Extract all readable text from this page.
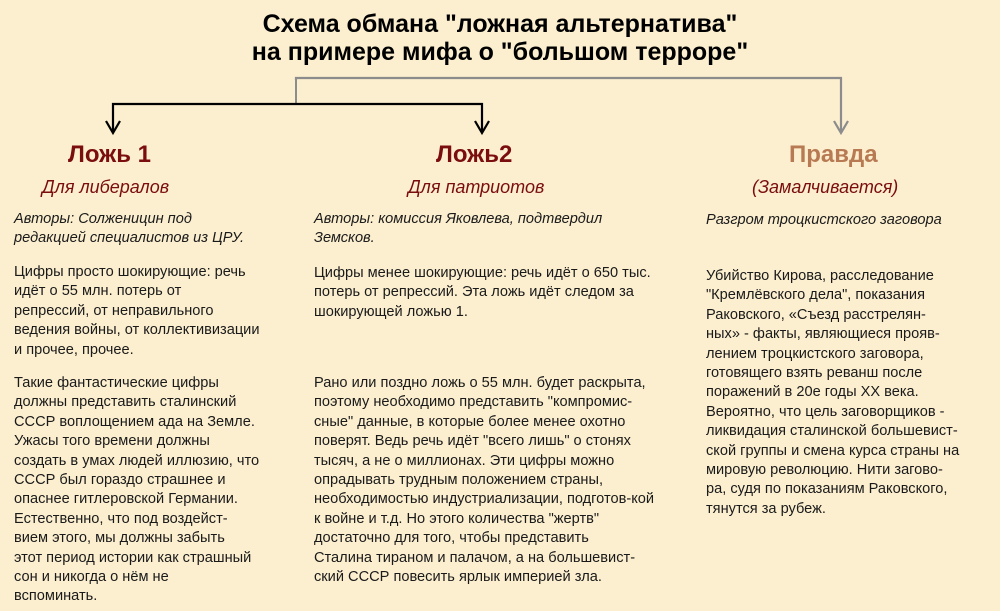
Схема обмана "ложная альтернатива"
на примере мифа о "большом терроре"
Ложь 1
Для либералов
Авторы: Солженицин под
редакцией специалистов из ЦРУ.
Цифры просто шокирующие: речь
идёт о 55 млн. потерь от
репрессий, от неправильного
ведения войны, от коллективизации
и прочее, прочее.
Такие фантастические цифры
должны представить сталинский
СССР воплощением ада на Земле.
Ужасы того времени должны
создать в умах людей иллюзию, что
СССР был гораздо страшнее и
опаснее гитлеровской Германии.
Естественно, что под воздейст-
вием этого, мы должны забыть
этот период истории как страшный
сон и никогда о нём не
вспоминать.
Ложь2
Для патриотов
Авторы: комиссия Яковлева, подтвердил
Земсков.
Цифры менее шокирующие: речь идёт о 650 тыс.
потерь от репрессий. Эта ложь идёт следом за
шокирующей ложью 1.
Рано или поздно ложь о 55 млн. будет раскрыта,
поэтому необходимо представить "компромис-
сные" данные, в которые более менее охотно
поверят. Ведь речь идёт "всего лишь" о стонях
тысяч, а не о миллионах. Эти цифры можно
опрадывать трудным положением страны,
необходимостью индустриализации, подготов-кой
к войне и т.д. Но этого количества "жертв"
достаточно для того, чтобы представить
Сталина тираном и палачом, а на большевист-
ский СССР повесить ярлык империей зла.
Правда
(Замалчивается)
Разгром троцкистского заговора
Убийство Кирова, расследование
"Кремлёвского дела", показания
Раковского, «Съезд расстрелян-
ных» - факты, являющиеся прояв-
лением троцкистского заговора,
готовящего взять реванш после
поражений в 20е годы XX века.
Вероятно, что цель заговорщиков -
ликвидация сталинской большевист-
ской группы и смена курса страны на
мировую революцию. Нити загово-
ра, судя по показаниям Раковского,
тянутся за рубеж.
